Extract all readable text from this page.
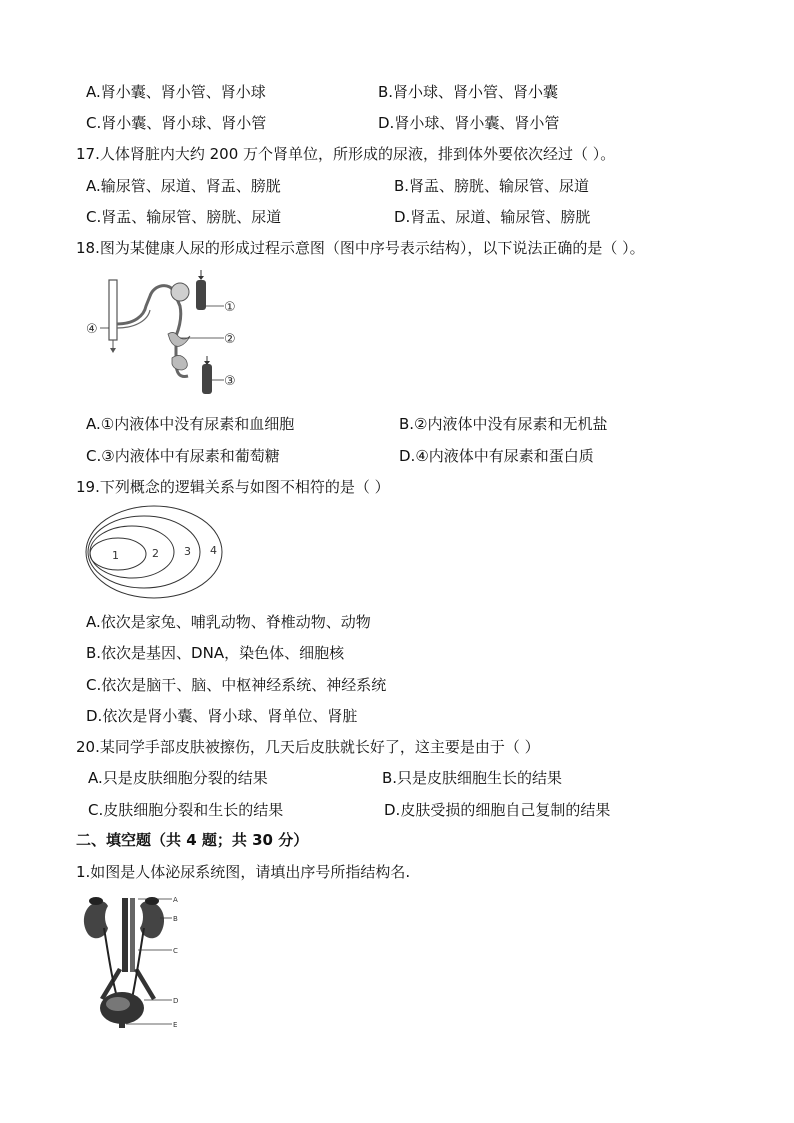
A.肾小囊、肾小管、肾小球	B.肾小球、肾小管、肾小囊
C.肾小囊、肾小球、肾小管	D.肾小球、肾小囊、肾小管
17.人体肾脏内大约 200 万个肾单位，所形成的尿液，排到体外要依次经过（ ）。
A.输尿管、尿道、肾盂、膀胱	B.肾盂、膀胱、输尿管、尿道
C.肾盂、输尿管、膀胱、尿道	D.肾盂、尿道、输尿管、膀胱
18.图为某健康人尿的形成过程示意图（图中序号表示结构），以下说法正确的是（ ）。
①
②
③
④
A.①内液体中没有尿素和血细胞	B.②内液体中没有尿素和无机盐
C.③内液体中有尿素和葡萄糖	D.④内液体中有尿素和蛋白质
19.下列概念的逻辑关系与如图不相符的是（ ）
1	2 3 4
A.依次是家兔、哺乳动物、脊椎动物、动物
B.依次是基因、DNA，染色体、细胞核
C.依次是脑干、脑、中枢神经系统、神经系统
D.依次是肾小囊、肾小球、肾单位、肾脏
20.某同学手部皮肤被擦伤，几天后皮肤就长好了，这主要是由于（ ）
A.只是皮肤细胞分裂的结果	B.只是皮肤细胞生长的结果
C.皮肤细胞分裂和生长的结果	D.皮肤受损的细胞自己复制的结果
二、填空题（共 4 题；共 30 分）
1.如图是人体泌尿系统图，请填出序号所指结构名.
A
B
C
D
E
